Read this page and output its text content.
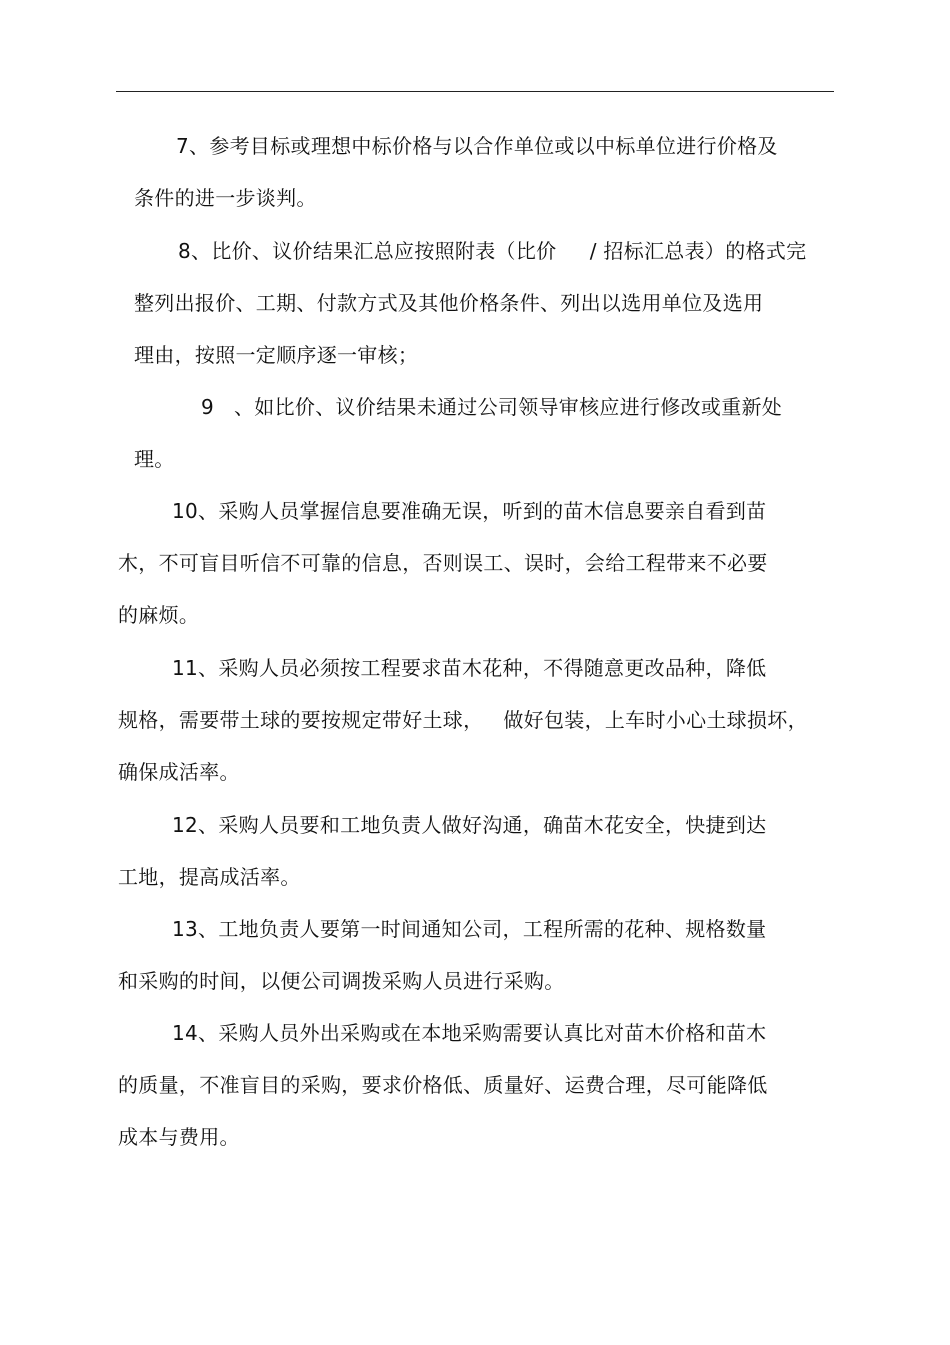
7、参考目标或理想中标价格与以合作单位或以中标单位进行价格及
条件的进一步谈判。
8、比价、议价结果汇总应按照附表（比价     / 招标汇总表）的格式完
整列出报价、工期、付款方式及其他价格条件、列出以选用单位及选用
理由，按照一定顺序逐一审核；
9   、如比价、议价结果未通过公司领导审核应进行修改或重新处
理。
10、采购人员掌握信息要准确无误，听到的苗木信息要亲自看到苗
木，不可盲目听信不可靠的信息，否则误工、误时，会给工程带来不必要
的麻烦。
11、采购人员必须按工程要求苗木花种，不得随意更改品种，降低
规格，需要带土球的要按规定带好土球，   做好包装，上车时小心土球损坏，
确保成活率。
12、采购人员要和工地负责人做好沟通，确苗木花安全，快捷到达
工地，提高成活率。
13、工地负责人要第一时间通知公司，工程所需的花种、规格数量
和采购的时间，以便公司调拨采购人员进行采购。
14、采购人员外出采购或在本地采购需要认真比对苗木价格和苗木
的质量，不准盲目的采购，要求价格低、质量好、运费合理，尽可能降低
成本与费用。
